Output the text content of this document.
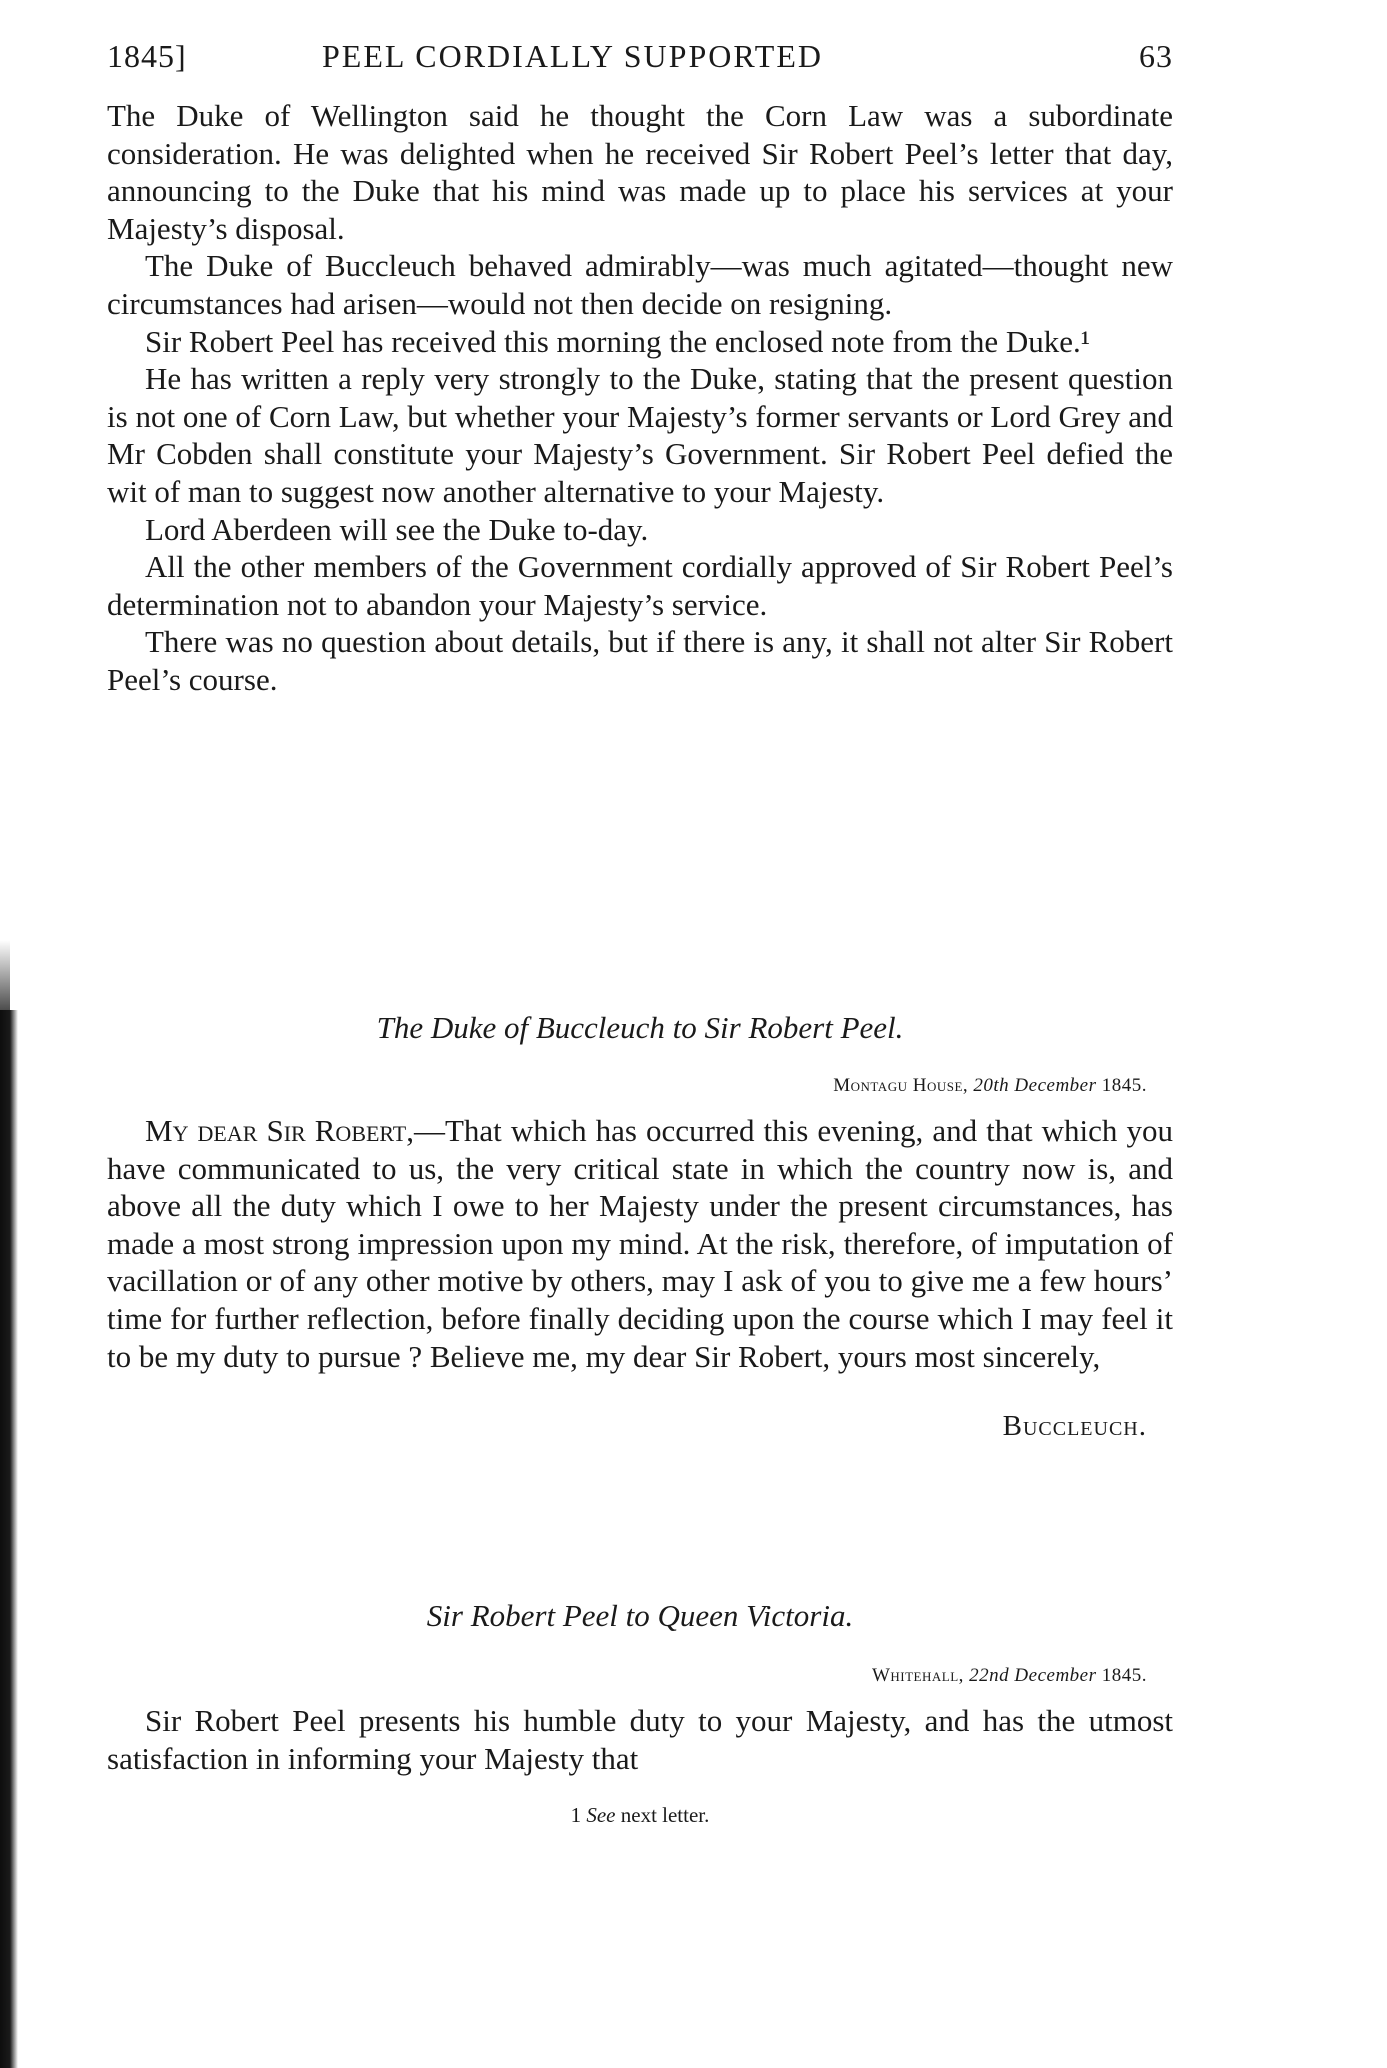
1845]	PEEL CORDIALLY SUPPORTED	63

The Duke of Wellington said he thought the Corn Law was a subordinate consideration. He was delighted when he received Sir Robert Peel’s letter that day, announcing to the Duke that his mind was made up to place his services at your Majesty’s disposal.

The Duke of Buccleuch behaved admirably—was much agitated—thought new circumstances had arisen—would not then decide on resigning.

Sir Robert Peel has received this morning the enclosed note from the Duke.¹

He has written a reply very strongly to the Duke, stating that the present question is not one of Corn Law, but whether your Majesty’s former servants or Lord Grey and Mr Cobden shall constitute your Majesty’s Government. Sir Robert Peel defied the wit of man to suggest now another alternative to your Majesty.

Lord Aberdeen will see the Duke to-day.

All the other members of the Government cordially approved of Sir Robert Peel’s determination not to abandon your Majesty’s service.

There was no question about details, but if there is any, it shall not alter Sir Robert Peel’s course.

The Duke of Buccleuch to Sir Robert Peel.
Montagu House, 20th December 1845.

My dear Sir Robert,—That which has occurred this evening, and that which you have communicated to us, the very critical state in which the country now is, and above all the duty which I owe to her Majesty under the present circumstances, has made a most strong impression upon my mind. At the risk, therefore, of imputation of vacillation or of any other motive by others, may I ask of you to give me a few hours’ time for further reflection, before finally deciding upon the course which I may feel it to be my duty to pursue ? Believe me, my dear Sir Robert, yours most sincerely,

Buccleuch.
Sir Robert Peel to Queen Victoria.
Whitehall, 22nd December 1845.

Sir Robert Peel presents his humble duty to your Majesty, and has the utmost satisfaction in informing your Majesty that

1 See next letter.
